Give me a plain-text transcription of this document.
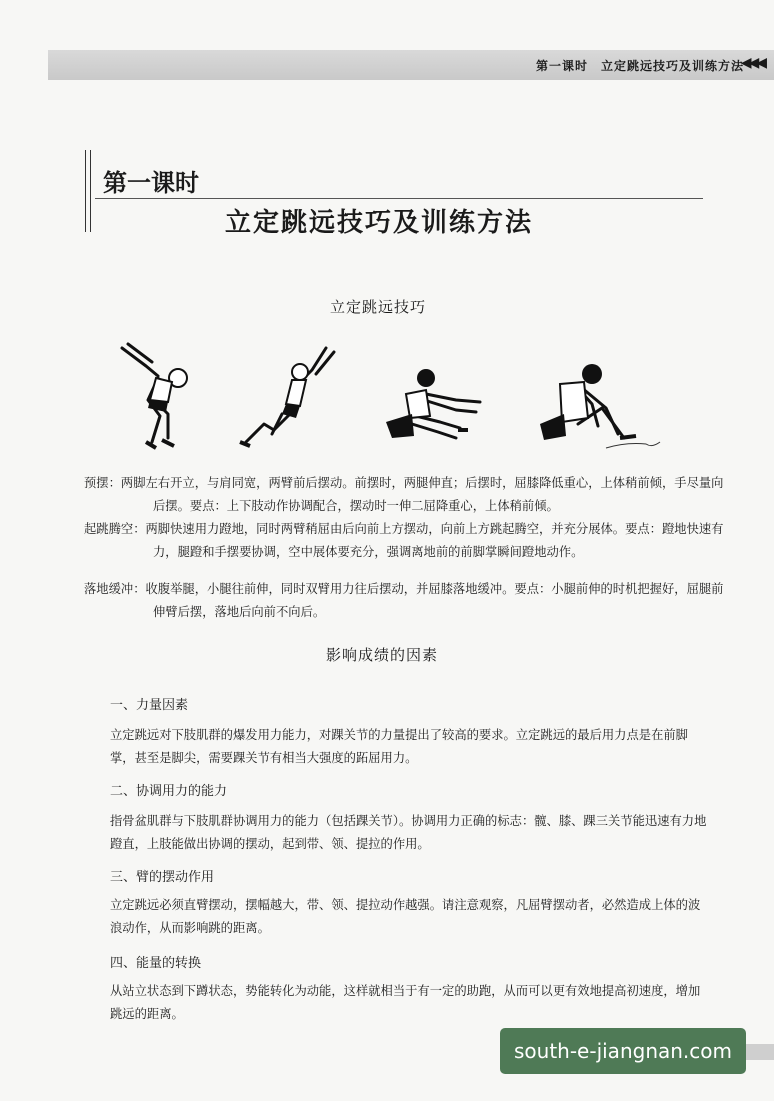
第一课时　立定跳远技巧及训练方法
◀◀◀
第一课时
立定跳远技巧及训练方法
立定跳远技巧
预摆：两脚左右开立，与肩同宽，两臂前后摆动。前摆时，两腿伸直；后摆时，屈膝降低重心，上体稍前倾，手尽量向后摆。要点：上下肢动作协调配合，摆动时一伸二屈降重心，上体稍前倾。
起跳腾空：两脚快速用力蹬地，同时两臂稍屈由后向前上方摆动，向前上方跳起腾空，并充分展体。要点：蹬地快速有力，腿蹬和手摆要协调，空中展体要充分，强调离地前的前脚掌瞬间蹬地动作。
落地缓冲：收腹举腿，小腿往前伸，同时双臂用力往后摆动，并屈膝落地缓冲。要点：小腿前伸的时机把握好，屈腿前伸臂后摆，落地后向前不向后。
影响成绩的因素
一、力量因素
立定跳远对下肢肌群的爆发用力能力，对踝关节的力量提出了较高的要求。立定跳远的最后用力点是在前脚掌，甚至是脚尖，需要踝关节有相当大强度的跖屈用力。
二、协调用力的能力
指骨盆肌群与下肢肌群协调用力的能力（包括踝关节）。协调用力正确的标志：髋、膝、踝三关节能迅速有力地蹬直，上肢能做出协调的摆动，起到带、领、提拉的作用。
三、臂的摆动作用
立定跳远必须直臂摆动，摆幅越大，带、领、提拉动作越强。请注意观察，凡屈臂摆动者，必然造成上体的波浪动作，从而影响跳的距离。
四、能量的转换
从站立状态到下蹲状态，势能转化为动能，这样就相当于有一定的助跑，从而可以更有效地提高初速度，增加跳远的距离。
south-e-jiangnan.com
